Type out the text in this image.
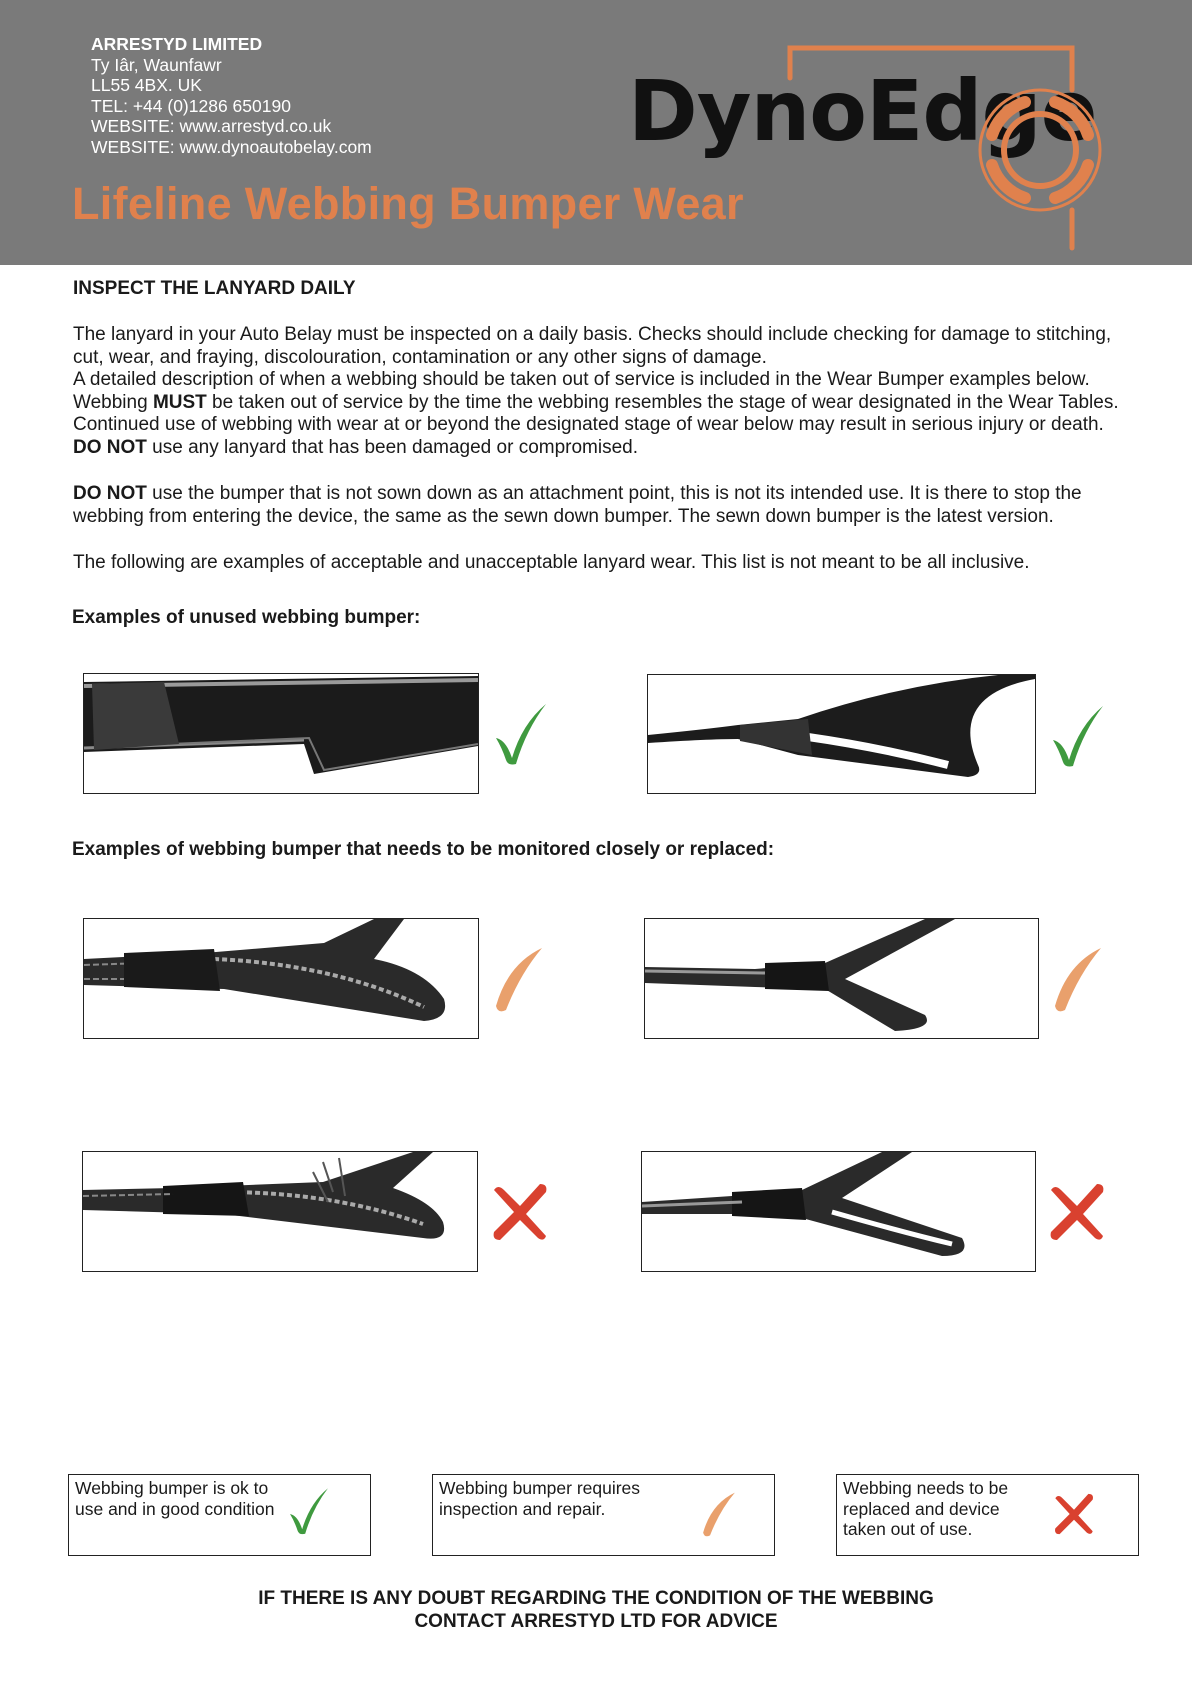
ARRESTYD LIMITED
Ty Iâr, Waunfawr
LL55 4BX. UK
TEL: +44 (0)1286 650190
WEBSITE: www.arrestyd.co.uk
WEBSITE: www.dynoautobelay.com	DynoEdge
Lifeline Webbing Bumper Wear
INSPECT THE LANYARD DAILY
The lanyard in your Auto Belay must be inspected on a daily basis. Checks should include checking for damage to stitching, cut, wear, and fraying, discolouration, contamination or any other signs of damage.
A detailed description of when a webbing should be taken out of service is included in the Wear Bumper examples below. Webbing MUST be taken out of service by the time the webbing resembles the stage of wear designated in the Wear Tables. Continued use of webbing with wear at or beyond the designated stage of wear below may result in serious injury or death. DO NOT use any lanyard that has been damaged or compromised.
DO NOT use the bumper that is not sown down as an attachment point, this is not its intended use. It is there to stop the webbing from entering the device, the same as the sewn down bumper. The sewn down bumper is the latest version.
The following are examples of acceptable and unacceptable lanyard wear. This list is not meant to be all inclusive.
Examples of unused webbing bumper:
Examples of webbing bumper that needs to be monitored closely or replaced:
Webbing bumper is ok to use and in good condition
Webbing bumper requires inspection and repair.
Webbing needs to be replaced and device taken out of use.
IF THERE IS ANY DOUBT REGARDING THE CONDITION OF THE WEBBING
CONTACT ARRESTYD LTD FOR ADVICE
